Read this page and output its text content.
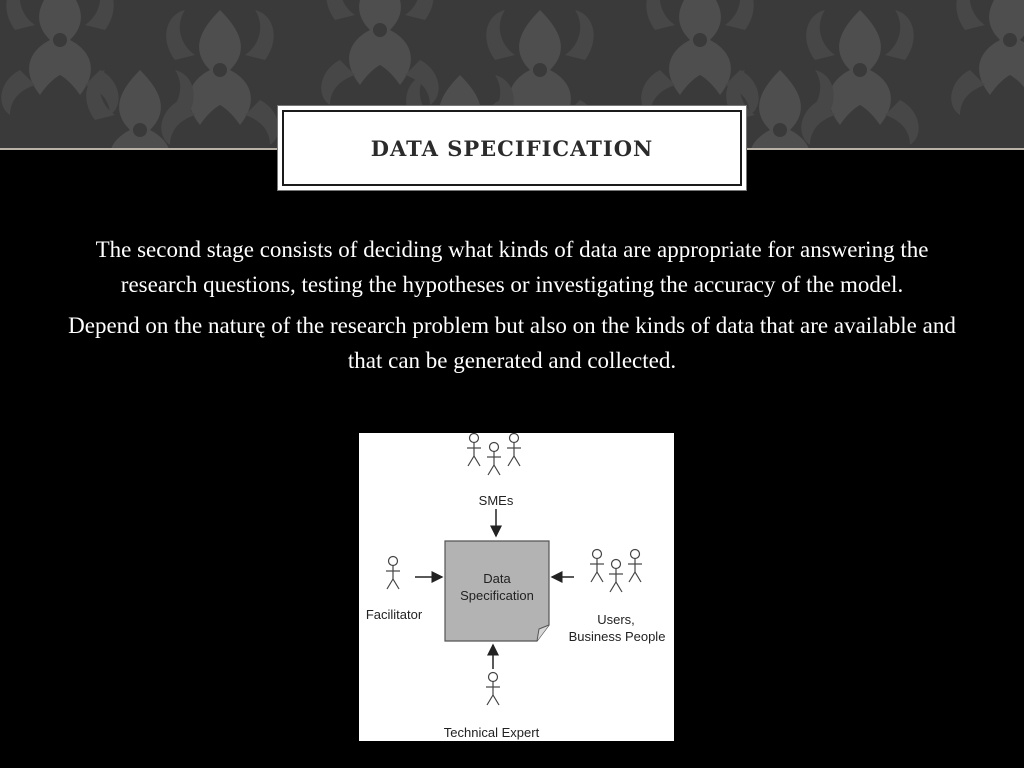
DATA SPECIFICATION

The second stage consists of deciding what kinds of data are appropriate for answering the research questions, testing the hypotheses or investigating the accuracy of the model.

Depend on the naturę of the research problem but also on the kinds of data that are available and that can be generated and collected.

SMEs
Data
Specification
Facilitator	Users,
Business People
Technical Expert
